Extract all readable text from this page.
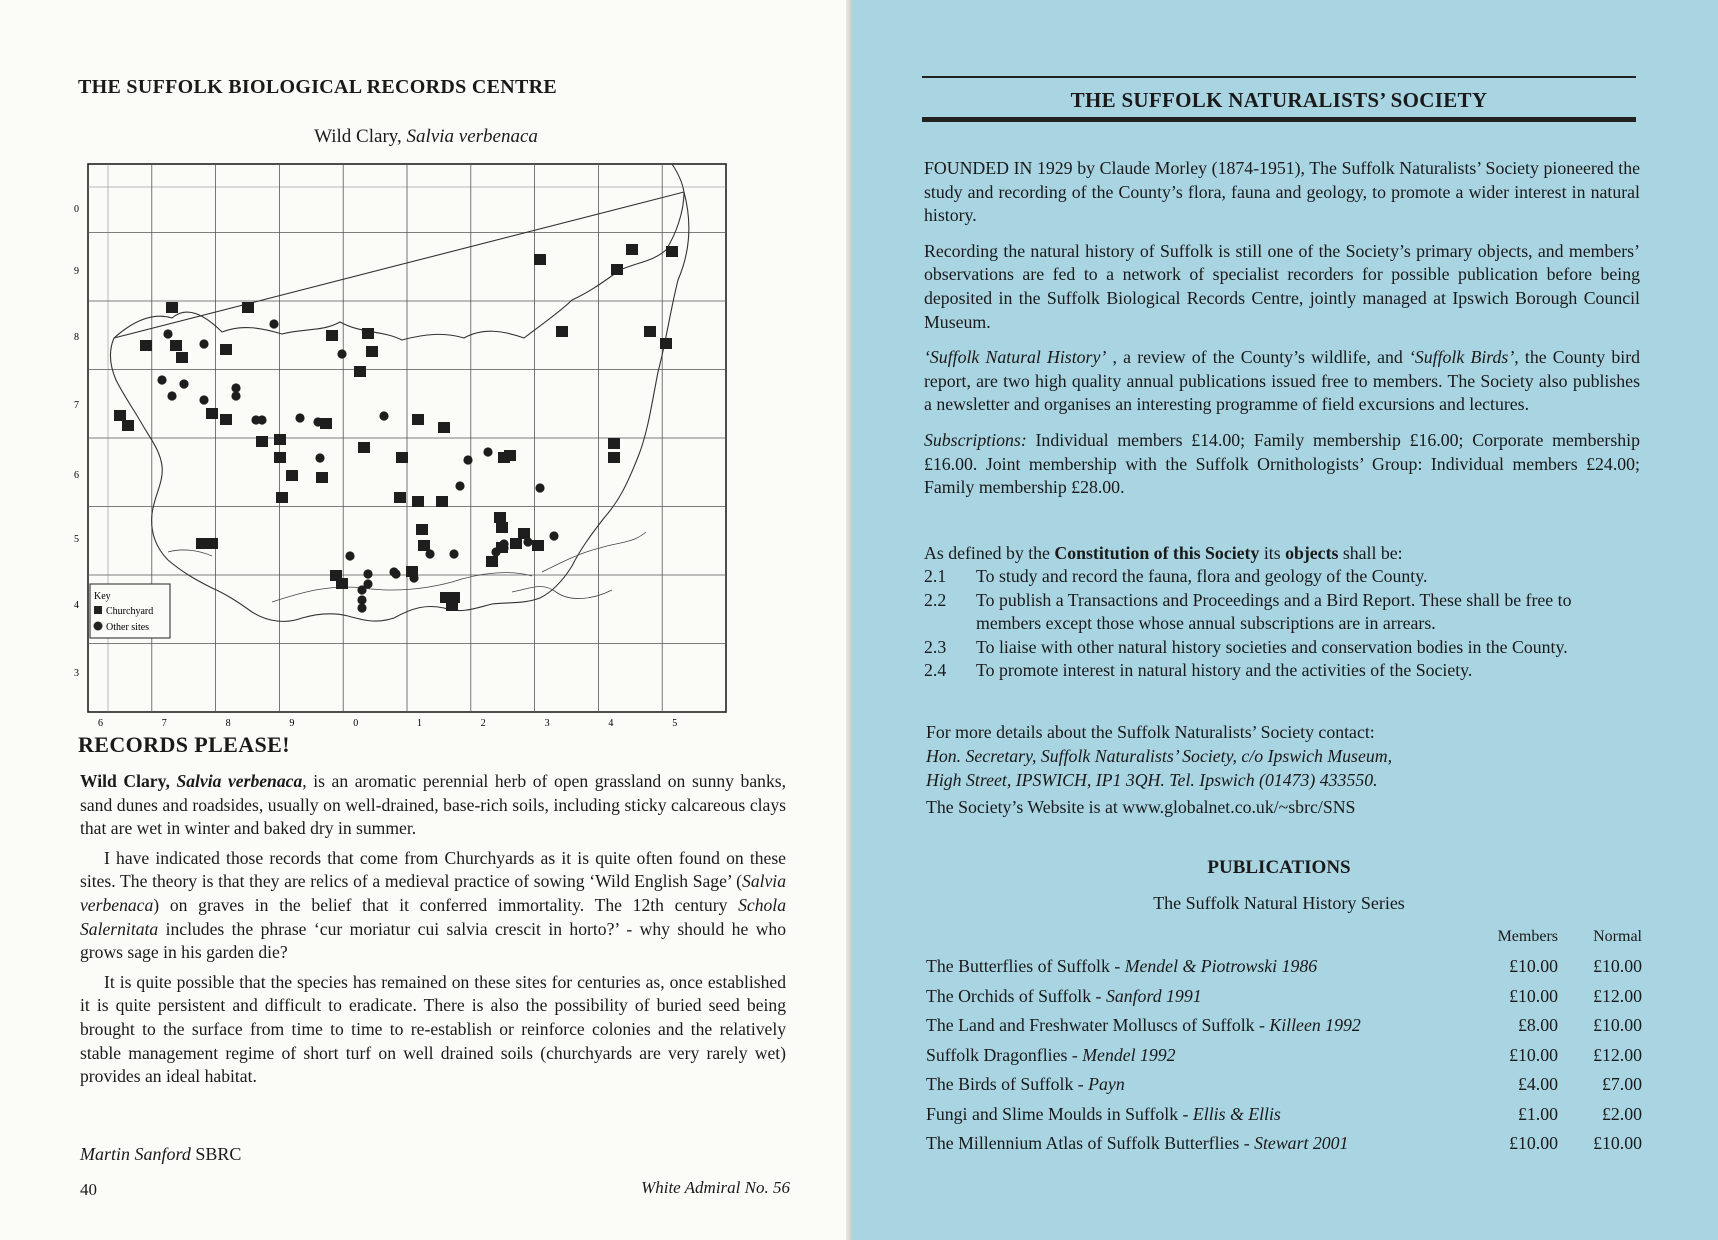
THE SUFFOLK BIOLOGICAL RECORDS CENTRE
Wild Clary, Salvia verbenaca
Key
Churchyard
Other sites
0
9
8
7
6
5
4
3
6	7	8	9	0	1	2	3	4	5
RECORDS PLEASE!

Wild Clary, Salvia verbenaca, is an aromatic perennial herb of open grassland on sunny banks, sand dunes and roadsides, usually on well-drained, base-rich soils, including sticky calcareous clays that are wet in winter and baked dry in summer.

I have indicated those records that come from Churchyards as it is quite often found on these sites. The theory is that they are relics of a medieval practice of sowing ‘Wild English Sage’ (Salvia verbenaca) on graves in the belief that it conferred immortality. The 12th century Schola Salernitata includes the phrase ‘cur moriatur cui salvia crescit in horto?’ - why should he who grows sage in his garden die?

It is quite possible that the species has remained on these sites for centuries as, once established it is quite persistent and difficult to eradicate. There is also the possibility of buried seed being brought to the surface from time to time to re-establish or reinforce colonies and the relatively stable management regime of short turf on well drained soils (churchyards are very rarely wet) provides an ideal habitat.

Martin Sanford SBRC
40	White Admiral No. 56
THE SUFFOLK NATURALISTS’ SOCIETY

FOUNDED IN 1929 by Claude Morley (1874-1951), The Suffolk Naturalists’ Society pioneered the study and recording of the County’s flora, fauna and geology, to promote a wider interest in natural history.

Recording the natural history of Suffolk is still one of the Society’s primary objects, and members’ observations are fed to a network of specialist recorders for possible publication before being deposited in the Suffolk Biological Records Centre, jointly managed at Ipswich Borough Council Museum.

‘Suffolk Natural History’ , a review of the County’s wildlife, and ‘Suffolk Birds’, the County bird report, are two high quality annual publications issued free to members. The Society also publishes a newsletter and organises an interesting programme of field excursions and lectures.

Subscriptions: Individual members £14.00; Family membership £16.00; Corporate membership £16.00. Joint membership with the Suffolk Ornithologists’ Group: Individual members £24.00; Family membership £28.00.

As defined by the Constitution of this Society its objects shall be:
2.1	To study and record the fauna, flora and geology of the County.
2.2	To publish a Transactions and Proceedings and a Bird Report. These shall be free to members except those whose annual subscriptions are in arrears.
2.3	To liaise with other natural history societies and conservation bodies in the County.
2.4	To promote interest in natural history and the activities of the Society.
For more details about the Suffolk Naturalists’ Society contact:
Hon. Secretary, Suffolk Naturalists’ Society, c/o Ipswich Museum,
High Street, IPSWICH, IP1 3QH. Tel. Ipswich (01473) 433550.
The Society’s Website is at www.globalnet.co.uk/~sbrc/SNS
PUBLICATIONS
The Suffolk Natural History Series
Members	Normal
The Butterflies of Suffolk - Mendel & Piotrowski 1986	£10.00	£10.00
The Orchids of Suffolk - Sanford 1991	£10.00	£12.00
The Land and Freshwater Molluscs of Suffolk - Killeen 1992	£8.00	£10.00
Suffolk Dragonflies - Mendel 1992	£10.00	£12.00
The Birds of Suffolk - Payn	£4.00	£7.00
Fungi and Slime Moulds in Suffolk - Ellis & Ellis	£1.00	£2.00
The Millennium Atlas of Suffolk Butterflies - Stewart 2001	£10.00	£10.00
